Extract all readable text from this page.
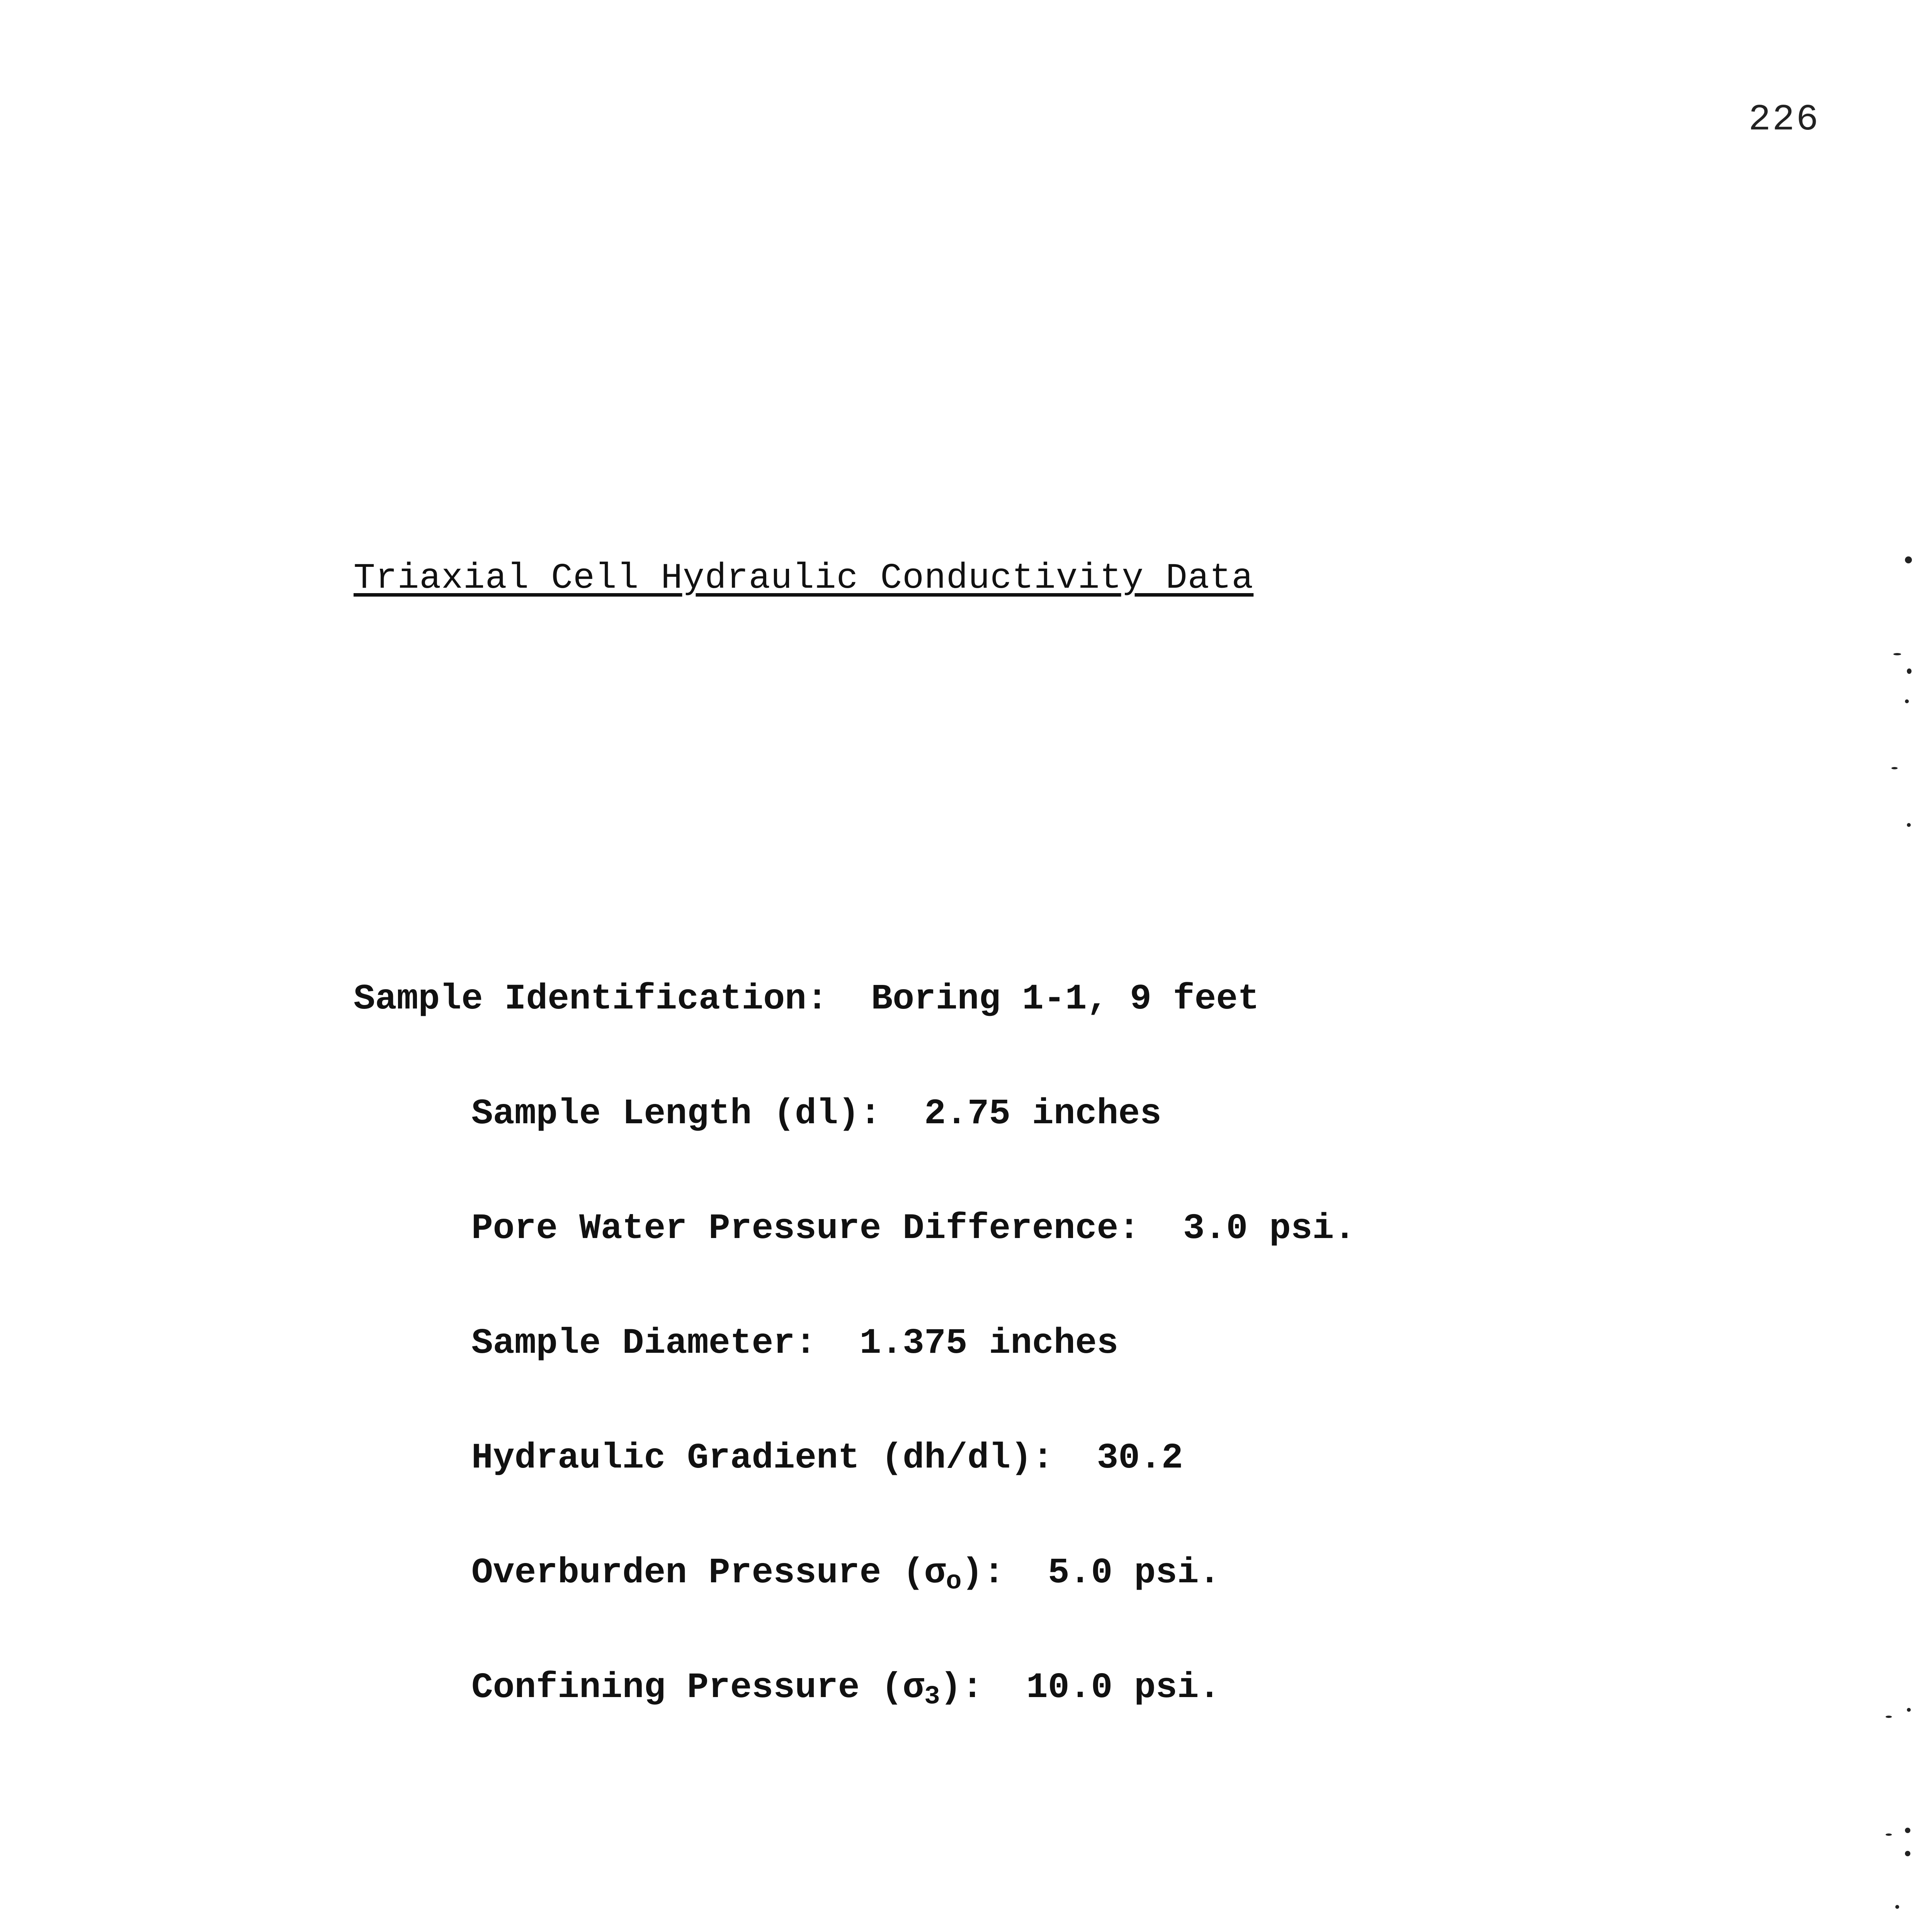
226

Triaxial Cell Hydraulic Conductivity Data

Sample Identification:  Boring 1-1, 9 feet

Sample Length (dl):  2.75 inches

Pore Water Pressure Difference:  3.0 psi.

Sample Diameter:  1.375 inches

Hydraulic Gradient (dh/dl):  30.2

Overburden Pressure $(\sigma_o)$:  5.0 psi.

Confining Pressure $(\sigma_3)$:  10.0 psi.
